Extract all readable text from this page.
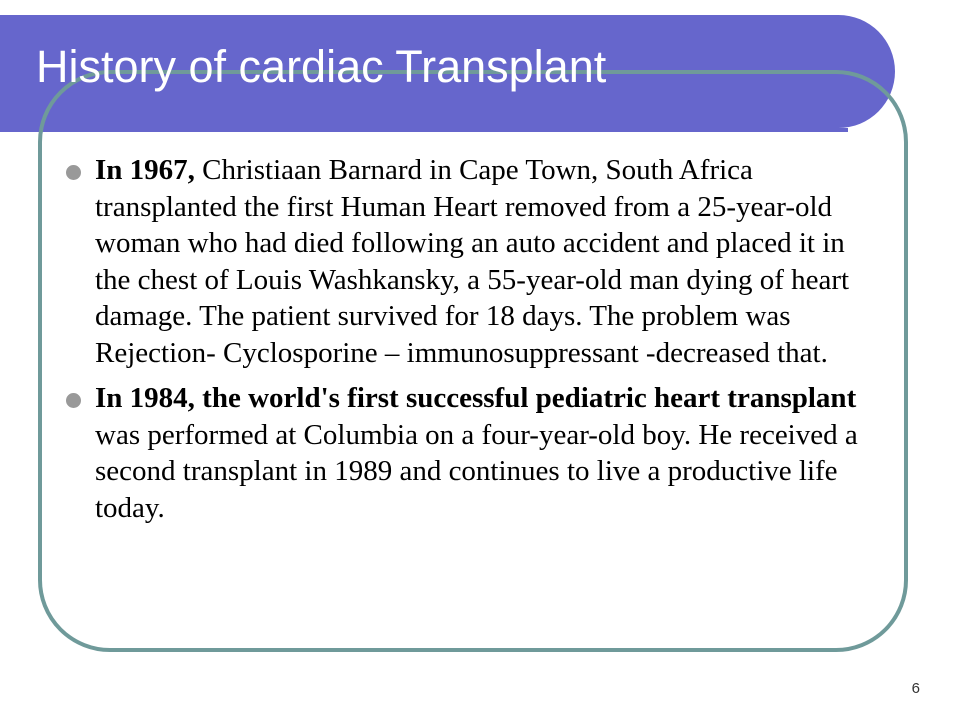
History of cardiac Transplant
In 1967, Christiaan Barnard in Cape Town, South Africa transplanted the first Human Heart removed from a 25-year-old woman who had died following an auto accident and placed it in the chest of Louis Washkansky, a 55-year-old man dying of heart damage. The patient survived for 18 days. The problem was Rejection- Cyclosporine – immunosuppressant -decreased that.
In 1984, the world's first successful pediatric heart transplant was performed at Columbia on a four-year-old boy. He received a second transplant in 1989 and continues to live a productive life today.
6
